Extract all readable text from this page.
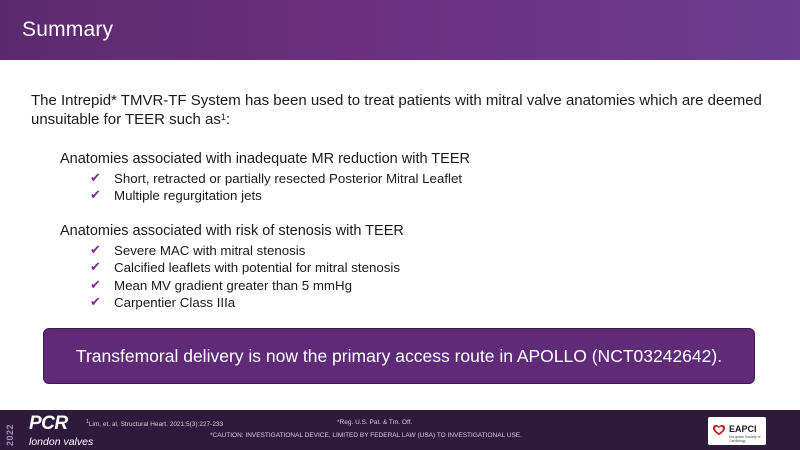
Summary
The Intrepid* TMVR-TF System has been used to treat patients with mitral valve anatomies which are deemed unsuitable for TEER such $as^1$:
Anatomies associated with inadequate MR reduction with TEER
✔ Short, retracted or partially resected Posterior Mitral Leaflet
✔ Multiple regurgitation jets
Anatomies associated with risk of stenosis with TEER
✔ Severe MAC with mitral stenosis
✔ Calcified leaflets with potential for mitral stenosis
✔ Mean MV gradient greater than 5 mmHg
✔ Carpentier Class IIIa
Transfemoral delivery is now the primary access route in APOLLO (NCT03242642).
2022
PCR
london valves
$^1$Lim, et. al. Structural Heart. 2021;5(3):227-233	*Reg. U.S. Pat. & Tm. Off.
*CAUTION: INVESTIGATIONAL DEVICE, LIMITED BY FEDERAL LAW (USA) TO INVESTIGATIONAL USE.
EAPCI
European Society of Cardiology
